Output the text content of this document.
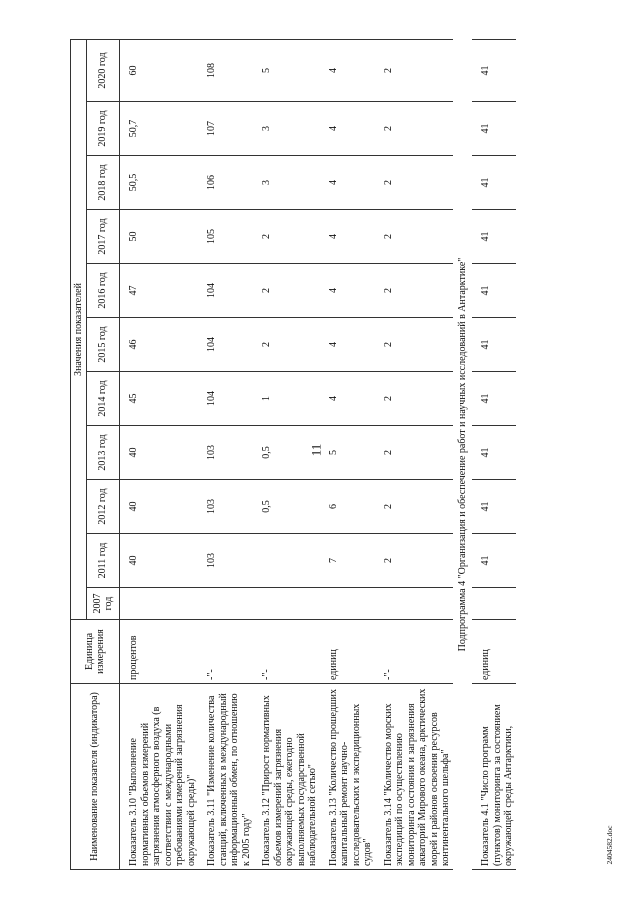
11
2404582.doc
Наименование показателя (индикатора)	Единица измерения	Значения показателей										
		2007 год	2011 год	2012 год	2013 год	2014 год	2015 год	2016 год	2017 год	2018 год	2019 год	2020 год
Показатель 3.10 "Выполнение нормативных объемов измерений загрязнения атмосферного воздуха (в соответствии с международными требованиями измерений загрязнения окружающей среды)"	процентов		40	40	40	45	46	47	50	50,5	50,7	60
Показатель 3.11 "Изменение количества станций, включенных в международный информационный обмен, по отношению к 2005 году"	-"-		103	103	103	104	104	104	105	106	107	108
Показатель 3.12 "Прирост нормативных объемов измерений загрязнения окружающей среды, ежегодно выполняемых государственной наблюдательной сетью"	-"-			0,5	0,5	1	2	2	2	3	3	5
Показатель 3.13 "Количество прошедших капитальный ремонт научно-исследовательских и экспедиционных судов"	единиц		7	6	5	4	4	4	4	4	4	4
Показатель 3.14 "Количество морских экспедиций по осуществлению мониторинга состояния и загрязнения акваторий Мирового океана, арктических морей и районов освоения ресурсов континентального шельфа"	-"-		2	2	2	2	2	2	2	2	2	2
Подпрограмма 4 "Организация и обеспечение работ и научных исследований в Антарктике"												
Показатель 4.1 "Число программ (пунктов) мониторинга за состоянием окружающей среды Антарктики,	единиц		41	41	41	41	41	41	41	41	41	41
